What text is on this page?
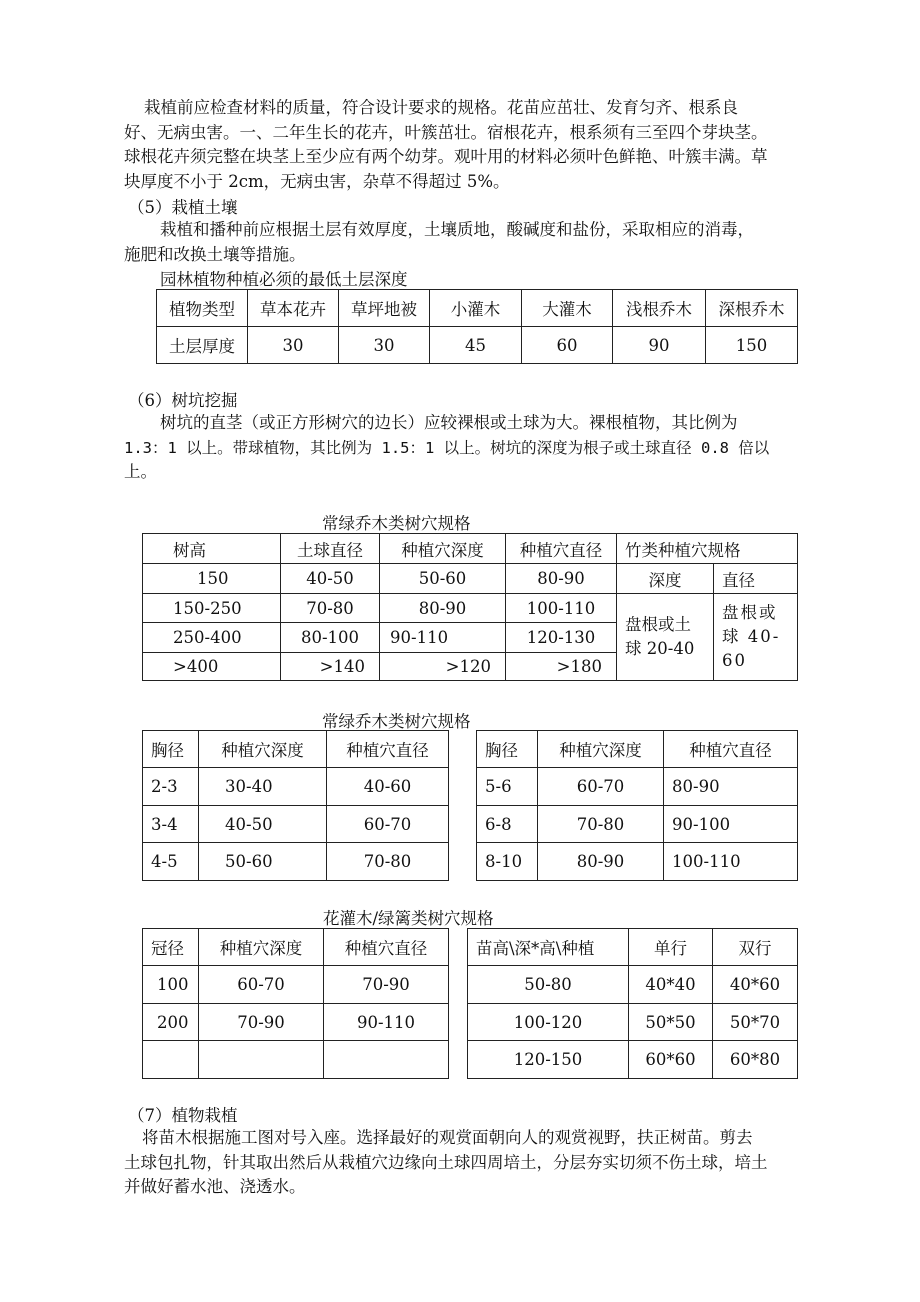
栽植前应检查材料的质量，符合设计要求的规格。花苗应茁壮、发育匀齐、根系良
好、无病虫害。一、二年生长的花卉，叶簇茁壮。宿根花卉，根系须有三至四个芽块茎。
球根花卉须完整在块茎上至少应有两个幼芽。观叶用的材料必须叶色鲜艳、叶簇丰满。草
块厚度不小于 2cm，无病虫害，杂草不得超过 5%。
（5）栽植土壤
栽植和播种前应根据土层有效厚度，土壤质地，酸碱度和盐份，采取相应的消毒，
施肥和改换土壤等措施。
园林植物种植必须的最低土层深度
植物类型	草本花卉	草坪地被	小灌木	大灌木	浅根乔木	深根乔木
土层厚度	30	30	45	60	90	150
（6）树坑挖掘
树坑的直茎（或正方形树穴的边长）应较裸根或土球为大。裸根植物，其比例为
1.3：1 以上。带球植物，其比例为 1.5：1 以上。树坑的深度为根子或土球直径 0.8 倍以
上。
常绿乔木类树穴规格
树高	土球直径	种植穴深度	种植穴直径	竹类种植穴规格	
150	40-50	50-60	80-90	深度	直径
150-250	70-80	80-90	100-110	盘根或土球 20-40	盘根或球 40-60
250-400	80-100	90-110	120-130		
>400	>140	>120	>180		
常绿乔木类树穴规格
胸径	种植穴深度	种植穴直径
2-3	30-40	40-60
3-4	40-50	60-70
4-5	50-60	70-80
胸径	种植穴深度	种植穴直径
5-6	60-70	80-90
6-8	70-80	90-100
8-10	80-90	100-110
花灌木/绿篱类树穴规格
冠径	种植穴深度	种植穴直径
100	60-70	70-90
200	70-90	90-110

苗高\深*高\种植	单行	双行
50-80	40*40	40*60
100-120	50*50	50*70
120-150	60*60	60*80
（7）植物栽植
将苗木根据施工图对号入座。选择最好的观赏面朝向人的观赏视野，扶正树苗。剪去
土球包扎物，针其取出然后从栽植穴边缘向土球四周培土，分层夯实切须不伤土球，培土
并做好蓄水池、浇透水。
